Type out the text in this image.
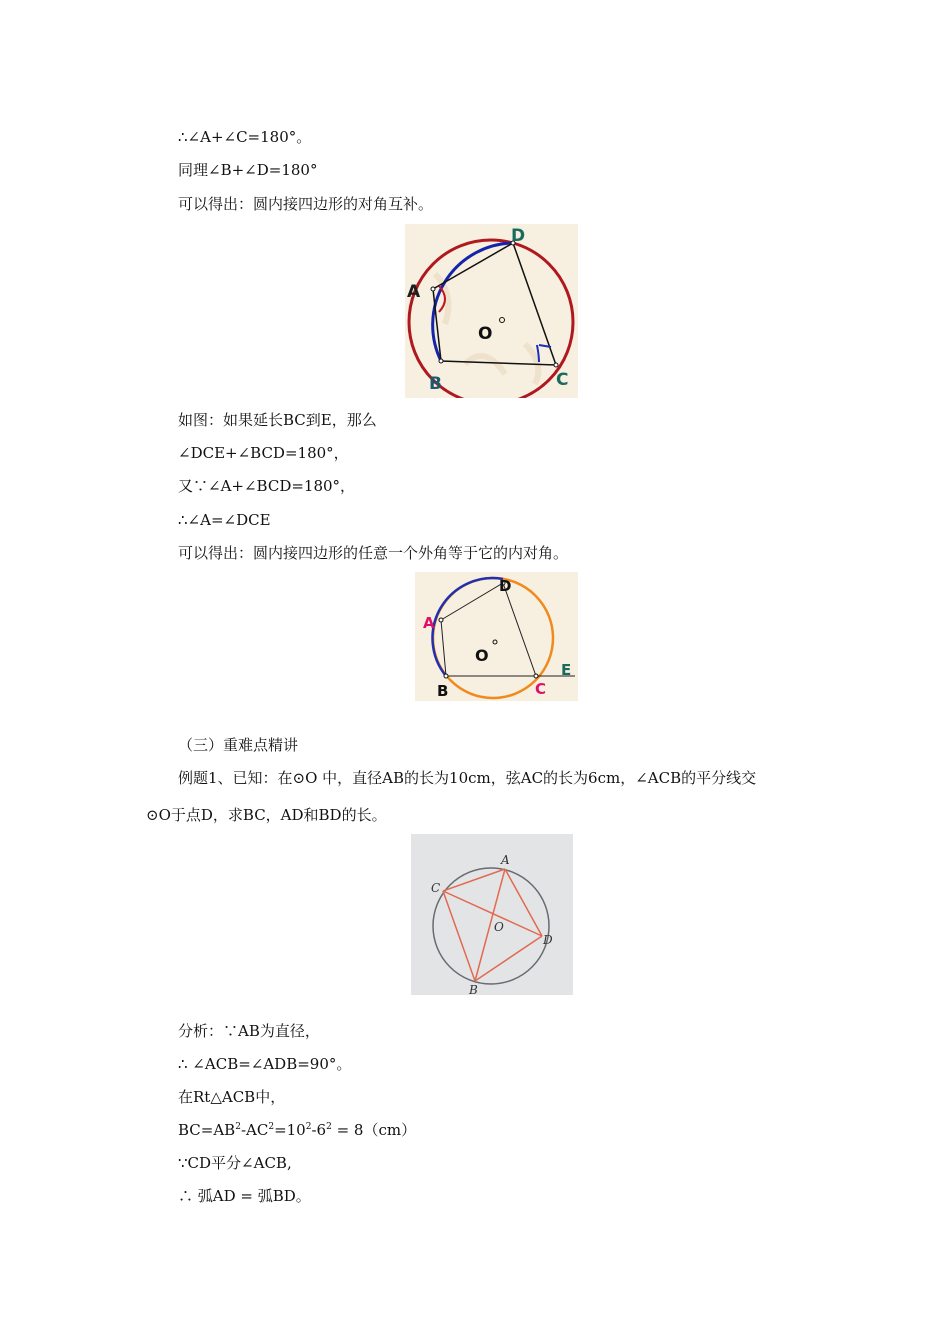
∴∠A+∠C=180°。
同理∠B+∠D=180°
可以得出：圆内接四边形的对角互补。
A
D
B	C
O
如图：如果延长BC到E，那么
∠DCE+∠BCD=180°，
又∵∠A+∠BCD=180°，
∴∠A=∠DCE
可以得出：圆内接四边形的任意一个外角等于它的内对角。
A
D
B	C
E
O
（三）重难点精讲
例题1、已知：在⊙O 中，直径AB的长为10cm，弦AC的长为6cm，∠ACB的平分线交
⊙O于点D，求BC，AD和BD的长。
A
C
O
D
B
分析：∵AB为直径，
∴ ∠ACB=∠ADB=90°。
在Rt△ACB中，
$BC=AB^2-AC^2=10^2-6^2 = 8(cm)$
∵CD平分∠ACB,
∴ 弧AD = 弧BD。
